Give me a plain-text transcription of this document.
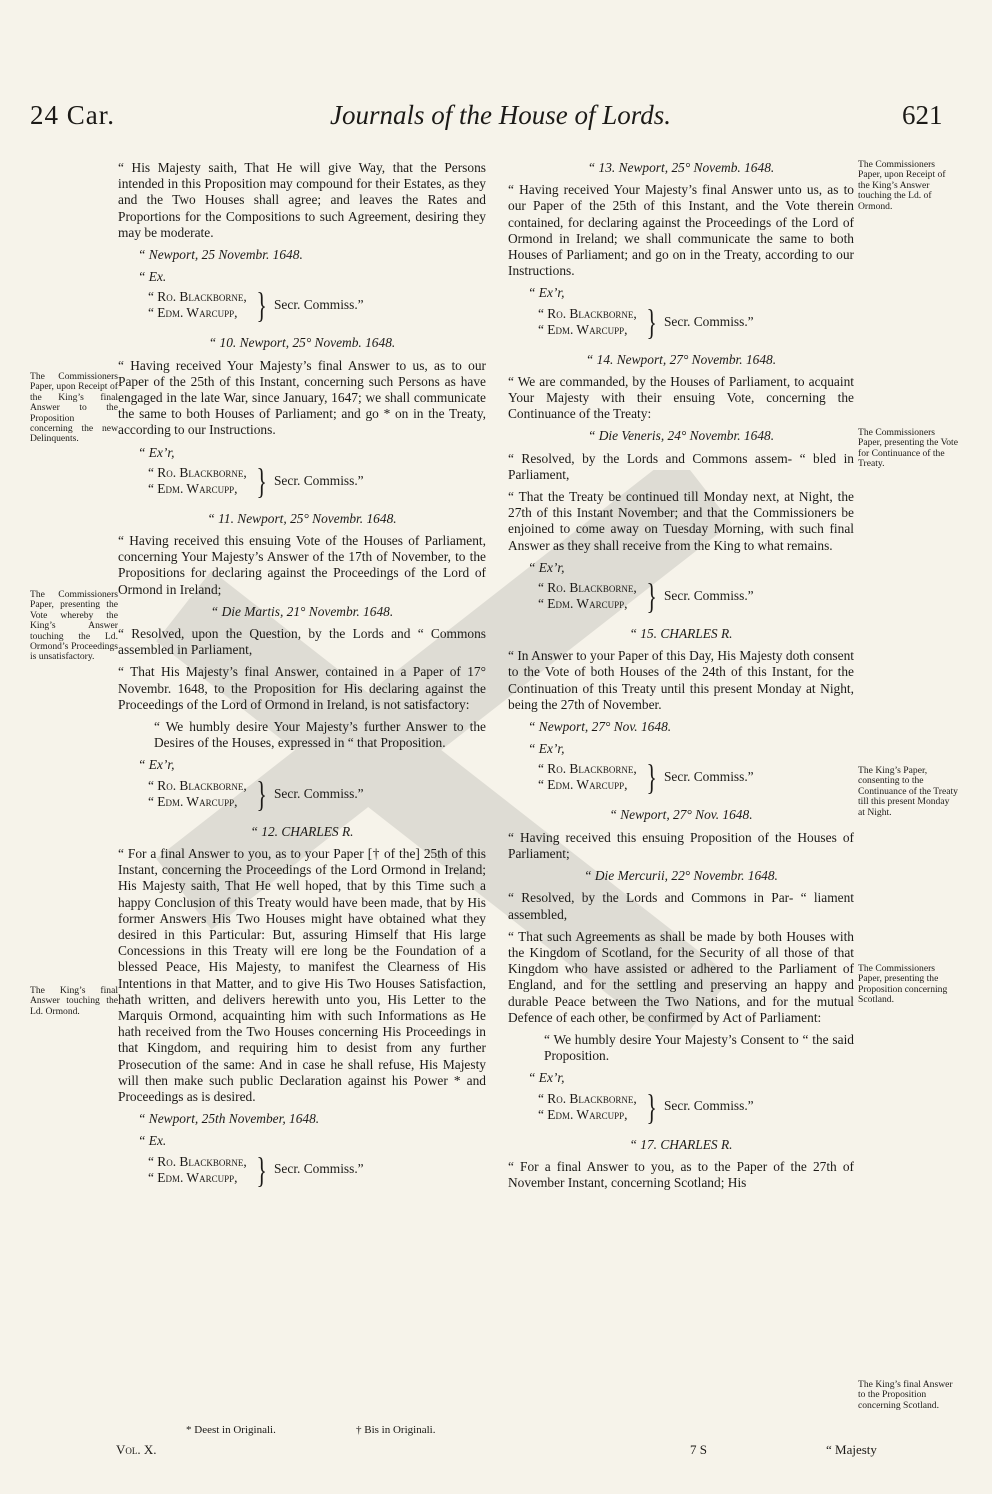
24 Car.	Journals of the House of Lords.	621

“ His Majesty saith, That He will give Way, that the Persons intended in this Proposition may compound for their Estates, as they and the Two Houses shall agree; and leaves the Rates and Proportions for the Compositions to such Agreement, desiring they may be moderate.

“ Newport, 25 Novembr. 1648.

“ Ex.

“ Ro. Blackborne,
“ Edm. Warcupp, } Secr. Commiss.”

“ 10. Newport, 25° Novemb. 1648.

“ Having received Your Majesty’s final Answer to us, as to our Paper of the 25th of this Instant, concerning such Persons as have engaged in the late War, since January, 1647; we shall communicate the same to both Houses of Parliament; and go * on in the Treaty, according to our Instructions.

“ Ex’r,

“ Ro. Blackborne,
“ Edm. Warcupp, } Secr. Commiss.”

“ 11. Newport, 25° Novembr. 1648.

“ Having received this ensuing Vote of the Houses of Parliament, concerning Your Majesty’s Answer of the 17th of November, to the Propositions for declaring against the Proceedings of the Lord of Ormond in Ireland;

“ Die Martis, 21° Novembr. 1648.

“ Resolved, upon the Question, by the Lords and “ Commons assembled in Parliament,

“ That His Majesty’s final Answer, contained in a Paper of 17° Novembr. 1648, to the Proposition for His declaring against the Proceedings of the Lord of Ormond in Ireland, is not satisfactory:

“ We humbly desire Your Majesty’s further Answer to the Desires of the Houses, expressed in “ that Proposition.

“ Ex’r,

“ Ro. Blackborne,
“ Edm. Warcupp, } Secr. Commiss.”

“ 12. CHARLES R.

“ For a final Answer to you, as to your Paper [† of the] 25th of this Instant, concerning the Proceedings of the Lord Ormond in Ireland; His Majesty saith, That He well hoped, that by this Time such a happy Conclusion of this Treaty would have been made, that by His former Answers His Two Houses might have obtained what they desired in this Particular: But, assuring Himself that His large Concessions in this Treaty will ere long be the Foundation of a blessed Peace, His Majesty, to manifest the Clearness of His Intentions in that Matter, and to give His Two Houses Satisfaction, hath written, and delivers herewith unto you, His Letter to the Marquis Ormond, acquainting him with such Informations as He hath received from the Two Houses concerning His Proceedings in that Kingdom, and requiring him to desist from any further Prosecution of the same: And in case he shall refuse, His Majesty will then make such public Declaration against his Power * and Proceedings as is desired.

“ Newport, 25th November, 1648.

“ Ex.

“ Ro. Blackborne,
“ Edm. Warcupp, } Secr. Commiss.”

“ 13. Newport, 25° Novemb. 1648.

“ Having received Your Majesty’s final Answer unto us, as to our Paper of the 25th of this Instant, and the Vote therein contained, for declaring against the Proceedings of the Lord of Ormond in Ireland; we shall communicate the same to both Houses of Parliament; and go on in the Treaty, according to our Instructions.

“ Ex’r,

“ Ro. Blackborne,
“ Edm. Warcupp, } Secr. Commiss.”

“ 14. Newport, 27° Novembr. 1648.

“ We are commanded, by the Houses of Parliament, to acquaint Your Majesty with their ensuing Vote, concerning the Continuance of the Treaty:

“ Die Veneris, 24° Novembr. 1648.

“ Resolved, by the Lords and Commons assem- “ bled in Parliament,

“ That the Treaty be continued till Monday next, at Night, the 27th of this Instant November; and that the Commissioners be enjoined to come away on Tuesday Morning, with such final Answer as they shall receive from the King to what remains.

“ Ex’r,

“ Ro. Blackborne,
“ Edm. Warcupp, } Secr. Commiss.”

“ 15. CHARLES R.

“ In Answer to your Paper of this Day, His Majesty doth consent to the Vote of both Houses of the 24th of this Instant, for the Continuation of this Treaty until this present Monday at Night, being the 27th of November.

“ Newport, 27° Nov. 1648.

“ Ex’r,

“ Ro. Blackborne,
“ Edm. Warcupp, } Secr. Commiss.”

“ Newport, 27° Nov. 1648.

“ Having received this ensuing Proposition of the Houses of Parliament;

“ Die Mercurii, 22° Novembr. 1648.

“ Resolved, by the Lords and Commons in Par- “ liament assembled,

“ That such Agreements as shall be made by both Houses with the Kingdom of Scotland, for the Security of all those of that Kingdom who have assisted or adhered to the Parliament of England, and for the settling and preserving an happy and durable Peace between the Two Nations, and for the mutual Defence of each other, be confirmed by Act of Parliament:

“ We humbly desire Your Majesty’s Consent to “ the said Proposition.

“ Ex’r,

“ Ro. Blackborne,
“ Edm. Warcupp, } Secr. Commiss.”

“ 17. CHARLES R.

“ For a final Answer to you, as to the Paper of the 27th of November Instant, concerning Scotland; His

The Commissioners Paper, upon Receipt of the King’s final Answer to the Proposition concerning the new Delinquents.
The Commissioners Paper, presenting the Vote whereby the King’s Answer touching the Ld. Ormond’s Proceedings is unsatisfactory.
The King’s final Answer touching the Ld. Ormond.
The Commissioners Paper, upon Receipt of the King’s Answer touching the Ld. of Ormond.
The Commissioners Paper, presenting the Vote for Continuance of the Treaty.
The King’s Paper, consenting to the Continuance of the Treaty till this present Monday at Night.
The Commissioners Paper, presenting the Proposition concerning Scotland.
The King’s final Answer to the Proposition concerning Scotland.
* Deest in Originali.	† Bis in Originali.
Vol. X.	7 S	“ Majesty
